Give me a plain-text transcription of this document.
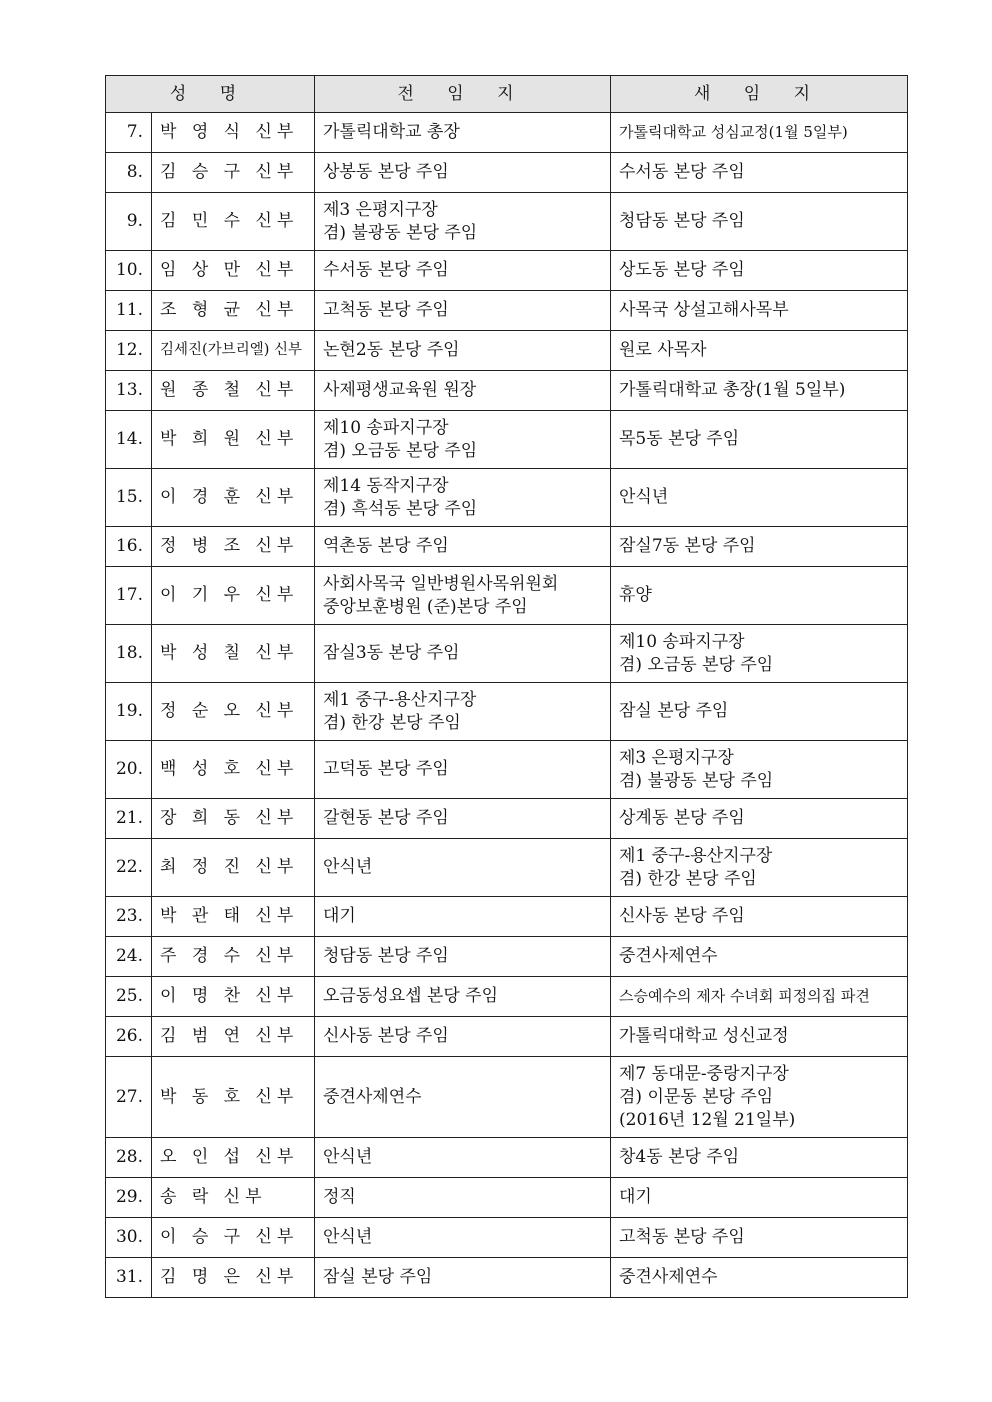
성 명		전 임 지	새 임 지
7.	박 영 식 신부	가톨릭대학교 총장	가톨릭대학교 성심교정(1월 5일부)

8.	김 승 구 신부	상봉동 본당 주임	수서동 본당 주임

9.	김 민 수 신부	제3 은평지구장
겸) 불광동 본당 주임	청담동 본당 주임

10.	임 상 만 신부	수서동 본당 주임	상도동 본당 주임

11.	조 형 균 신부	고척동 본당 주임	사목국 상설고해사목부

12.	김세진(가브리엘) 신부	논현2동 본당 주임	원로 사목자

13.	원 종 철 신부	사제평생교육원 원장	가톨릭대학교 총장(1월 5일부)

14.	박 희 원 신부	제10 송파지구장
겸) 오금동 본당 주임	목5동 본당 주임

15.	이 경 훈 신부	제14 동작지구장
겸) 흑석동 본당 주임	안식년

16.	정 병 조 신부	역촌동 본당 주임	잠실7동 본당 주임

17.	이 기 우 신부	사회사목국 일반병원사목위원회
중앙보훈병원 (준)본당 주임	휴양

18.	박 성 칠 신부	잠실3동 본당 주임	제10 송파지구장
겸) 오금동 본당 주임

19.	정 순 오 신부	제1 중구-용산지구장
겸) 한강 본당 주임	잠실 본당 주임

20.	백 성 호 신부	고덕동 본당 주임	제3 은평지구장
겸) 불광동 본당 주임

21.	장 희 동 신부	갈현동 본당 주임	상계동 본당 주임

22.	최 정 진 신부	안식년	제1 중구-용산지구장
겸) 한강 본당 주임

23.	박 관 태 신부	대기	신사동 본당 주임

24.	주 경 수 신부	청담동 본당 주임	중견사제연수

25.	이 명 찬 신부	오금동성요셉 본당 주임	스승예수의 제자 수녀회 피정의집 파견

26.	김 범 연 신부	신사동 본당 주임	가톨릭대학교 성신교정

27.	박 동 호 신부	중견사제연수	제7 동대문-중랑지구장
겸) 이문동 본당 주임
(2016년 12월 21일부)

28.	오 인 섭 신부	안식년	창4동 본당 주임

29.	송 락 신부	정직	대기

30.	이 승 구 신부	안식년	고척동 본당 주임

31.	김 명 은 신부	잠실 본당 주임	중견사제연수
